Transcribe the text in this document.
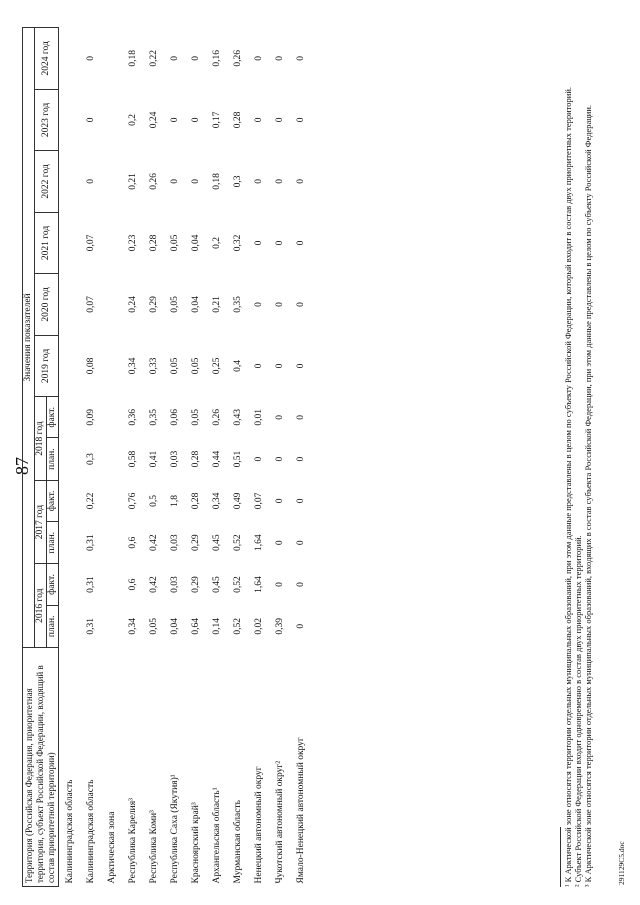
87
Территория (Российская Федерация, приоритетная территория, субъект Российской Федерации, входящий в состав приоритетной территории)	Значения показателей											
	2016 год		2017 год		2018 год		2019 год	2020 год	2021 год	2022 год	2023 год	2024 год
	план.	факт.	план.	факт.	план.	факт.						
Калининградская область												
Калининградская область	0,31	0,31	0,31	0,22	0,3	0,09	0,08	0,07	0,07	0	0	0
Арктическая зона												
Республика Карелия³	0,34	0,6	0,6	0,76	0,58	0,36	0,34	0,24	0,23	0,21	0,2	0,18
Республика Коми³	0,05	0,42	0,42	0,5	0,41	0,35	0,33	0,29	0,28	0,26	0,24	0,22
Республика Саха (Якутия)¹	0,04	0,03	0,03	1,8	0,03	0,06	0,05	0,05	0,05	0	0	0
Красноярский край³	0,64	0,29	0,29	0,28	0,28	0,05	0,05	0,04	0,04	0	0	0
Архангельская область¹	0,14	0,45	0,45	0,34	0,44	0,26	0,25	0,21	0,2	0,18	0,17	0,16
Мурманская область	0,52	0,52	0,52	0,49	0,51	0,43	0,4	0,35	0,32	0,3	0,28	0,26
Ненецкий автономный округ	0,02	1,64	1,64	0,07	0	0,01	0	0	0	0	0	0
Чукотский автономный округ²	0,39	0	0	0	0	0	0	0	0	0	0	0
Ямало-Ненецкий автономный округ	0	0	0	0	0	0	0	0	0	0	0	0
¹ К Арктической зоне относятся территории отдельных муниципальных образований, при этом данные представлены в целом по субъекту Российской Федерации, который входит в состав двух приоритетных территорий. ² Субъект Российской Федерации входит одновременно в состав двух приоритетных территорий. ³ К Арктической зоне относятся территории отдельных муниципальных образований, входящих в состав субъекта Российской Федерации, при этом данные представлены в целом по субъекту Российской Федерации.	291129C5.doc
